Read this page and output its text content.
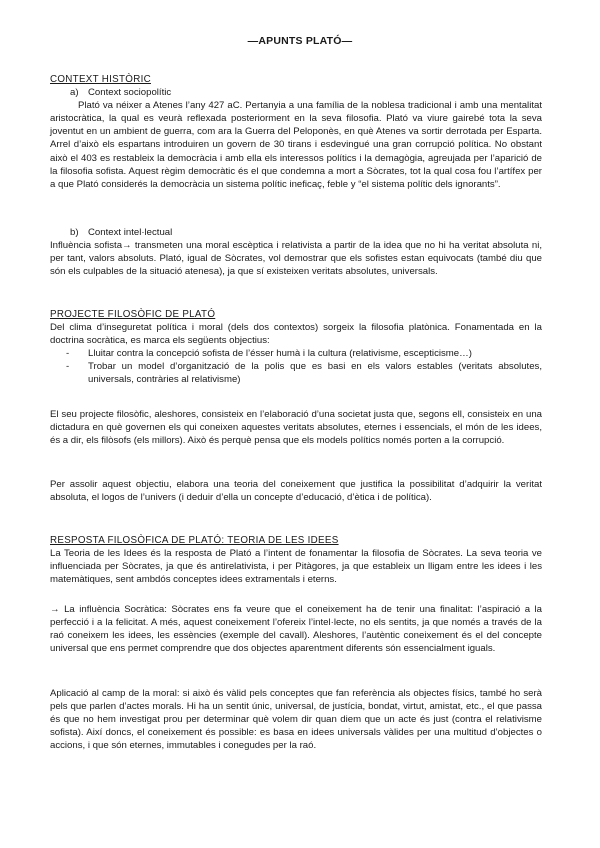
—APUNTS PLATÓ—

CONTEXT HISTÒRIC

a) Context sociopolític

Plató va néixer a Atenes l’any 427 aC. Pertanyia a una família de la noblesa tradicional i amb una mentalitat aristocràtica, la qual es veurà reflexada posteriorment en la seva filosofia. Plató va viure gairebé tota la seva joventut en un ambient de guerra, com ara la Guerra del Peloponès, en què Atenes va sortir derrotada per Esparta. Arrel d’això els espartans introduiren un govern de 30 tirans i esdevingué una gran corrupció política. No obstant això el 403 es restableix la democràcia i amb ella els interessos polítics i la demagògia, agreujada per l’aparició de la filosofia sofista. Aquest règim democràtic és el que condemna a mort a Sòcrates, tot la qual cosa fou l’artífex per a que Plató considerés la democràcia un sistema polític ineficaç, feble y “el sistema polític dels ignorants”.

b) Context intel·lectual

Influència sofista→ transmeten una moral escèptica i relativista a partir de la idea que no hi ha veritat absoluta ni, per tant, valors absoluts. Plató, igual de Sòcrates, vol demostrar que els sofistes estan equivocats (també diu que són els culpables de la situació atenesa), ja que sí existeixen veritats absolutes, universals.

PROJECTE FILOSÒFIC DE PLATÓ

Del clima d’inseguretat política i moral (dels dos contextos) sorgeix la filosofia platònica. Fonamentada en la doctrina socràtica, es marca els següents objectius:

- Lluitar contra la concepció sofista de l’ésser humà i la cultura (relativisme, escepticisme…)
- Trobar un model d’organització de la polis que es basi en els valors estables (veritats absolutes, universals, contràries al relativisme)

El seu projecte filosòfic, aleshores, consisteix en l’elaboració d’una societat justa que, segons ell, consisteix en una dictadura en què governen els qui coneixen aquestes veritats absolutes, eternes i essencials, el món de les idees, és a dir, els filòsofs (els millors). Això és perquè pensa que els models polítics només porten a la corrupció.

Per assolir aquest objectiu, elabora una teoria del coneixement que justifica la possibilitat d’adquirir la veritat absoluta, el logos de l’univers (i deduir d’ella un concepte d’educació, d’ètica i de política).

RESPOSTA FILOSÒFICA DE PLATÓ: TEORIA DE LES IDEES

La Teoria de les Idees és la resposta de Plató a l’intent de fonamentar la filosofia de Sòcrates. La seva teoria ve influenciada per Sòcrates, ja que és antirelativista, i per Pitàgores, ja que estableix un lligam entre les idees i les matemàtiques, sent ambdós conceptes idees extramentals i eterns.

→ La influència Socràtica: Sòcrates ens fa veure que el coneixement ha de tenir una finalitat: l’aspiració a la perfecció i a la felicitat. A més, aquest coneixement l’ofereix l’intel·lecte, no els sentits, ja que només a través de la raó coneixem les idees, les essències (exemple del cavall). Aleshores, l’autèntic coneixement és el del concepte universal que ens permet comprendre que dos objectes aparentment diferents són essencialment iguals.

Aplicació al camp de la moral: si això és vàlid pels conceptes que fan referència als objectes físics, també ho serà pels que parlen d’actes morals. Hi ha un sentit únic, universal, de justícia, bondat, virtut, amistat, etc., el que passa és que no hem investigat prou per determinar què volem dir quan diem que un acte és just (contra el relativisme sofista). Així doncs, el coneixement és possible: es basa en idees universals vàlides per una multitud d’objectes o accions, i que són eternes, immutables i conegudes per la raó.
